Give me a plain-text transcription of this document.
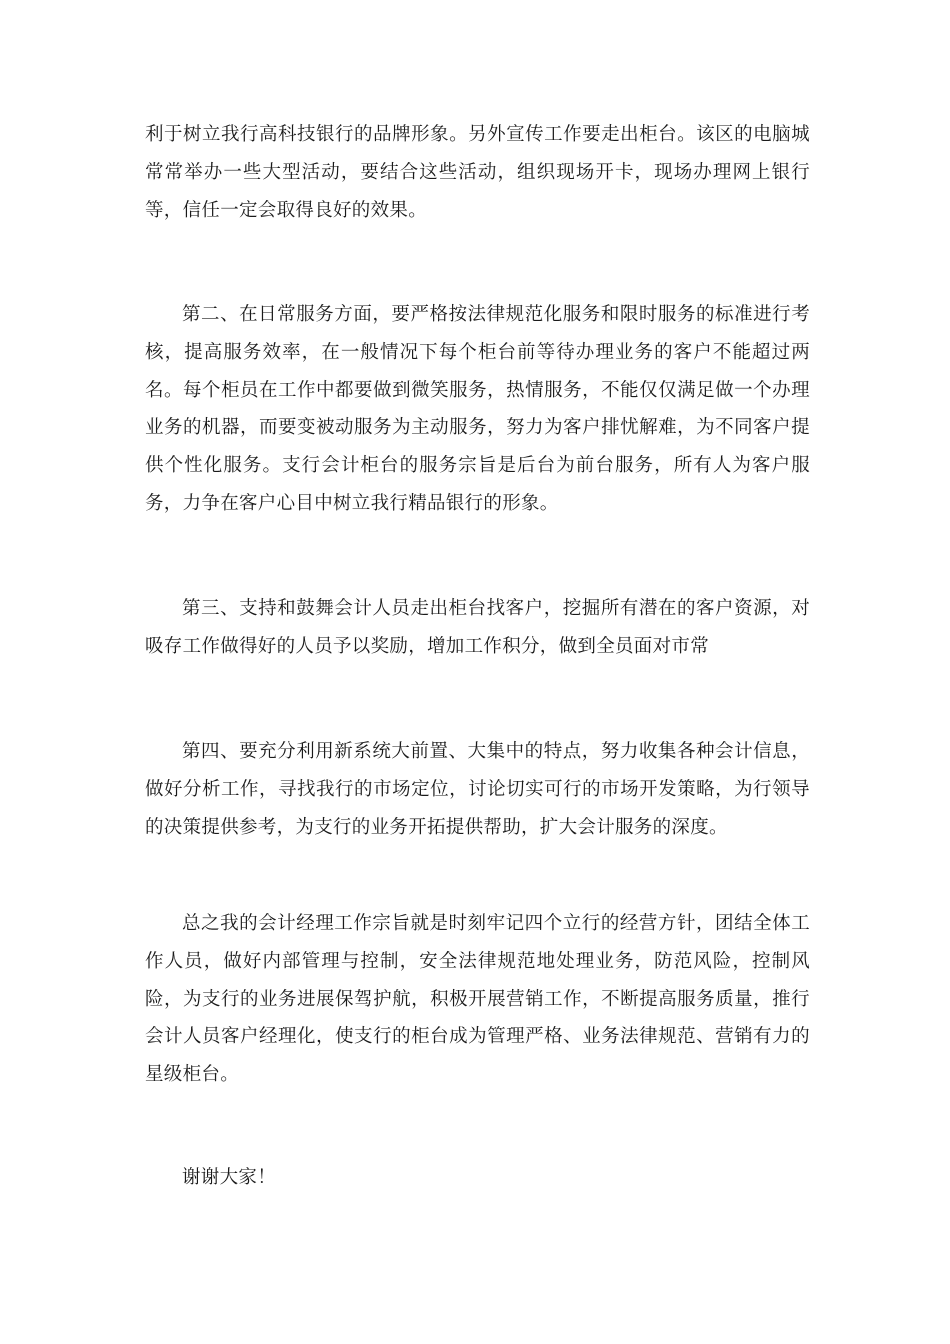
利于树立我行高科技银行的品牌形象。另外宣传工作要走出柜台。该区的电脑城常常举办一些大型活动，要结合这些活动，组织现场开卡，现场办理网上银行等，信任一定会取得良好的效果。

第二、在日常服务方面，要严格按法律规范化服务和限时服务的标准进行考核，提高服务效率，在一般情况下每个柜台前等待办理业务的客户不能超过两名。每个柜员在工作中都要做到微笑服务，热情服务，不能仅仅满足做一个办理业务的机器，而要变被动服务为主动服务，努力为客户排忧解难，为不同客户提供个性化服务。支行会计柜台的服务宗旨是后台为前台服务，所有人为客户服务，力争在客户心目中树立我行精品银行的形象。

第三、支持和鼓舞会计人员走出柜台找客户，挖掘所有潜在的客户资源，对吸存工作做得好的人员予以奖励，增加工作积分，做到全员面对市常

第四、要充分利用新系统大前置、大集中的特点，努力收集各种会计信息，做好分析工作，寻找我行的市场定位，讨论切实可行的市场开发策略，为行领导的决策提供参考，为支行的业务开拓提供帮助，扩大会计服务的深度。

总之我的会计经理工作宗旨就是时刻牢记四个立行的经营方针，团结全体工作人员，做好内部管理与控制，安全法律规范地处理业务，防范风险，控制风险，为支行的业务进展保驾护航，积极开展营销工作，不断提高服务质量，推行会计人员客户经理化，使支行的柜台成为管理严格、业务法律规范、营销有力的星级柜台。

谢谢大家！
